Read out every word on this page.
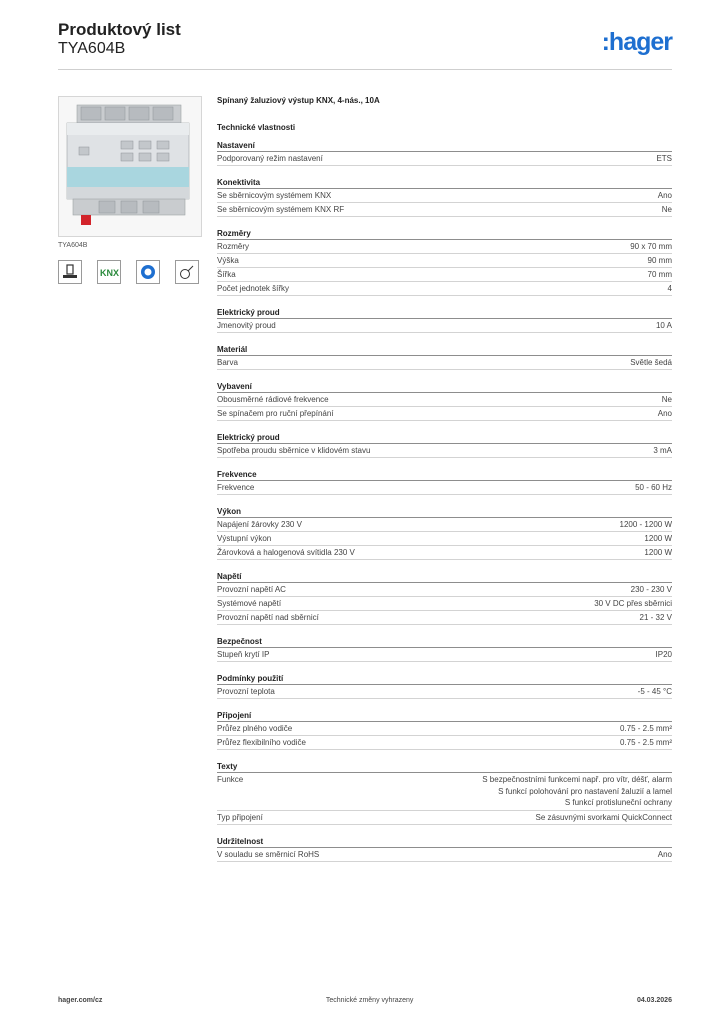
Produktový list
TYA604B	:hager
TYA604B
KNX
Spínaný žaluziový výstup KNX, 4-nás., 10A
Technické vlastnosti
Nastavení
Podporovaný režim nastavení	ETS
Konektivita
Se sběrnicovým systémem KNX	Ano
Se sběrnicovým systémem KNX RF	Ne
Rozměry
Rozměry	90 x 70 mm
Výška	90 mm
Šířka	70 mm
Počet jednotek šířky	4
Elektrický proud
Jmenovitý proud	10 A
Materiál
Barva	Světle šedá
Vybavení
Obousměrné rádiové frekvence	Ne
Se spínačem pro ruční přepínání	Ano
Elektrický proud
Spotřeba proudu sběrnice v klidovém stavu	3 mA
Frekvence
Frekvence	50 - 60 Hz
Výkon
Napájení žárovky 230 V	1200 - 1200 W
Výstupní výkon	1200 W
Žárovková a halogenová svítidla 230 V	1200 W
Napětí
Provozní napětí AC	230 - 230 V
Systémové napětí	30 V DC přes sběrnici
Provozní napětí nad sběrnicí	21 - 32 V
Bezpečnost
Stupeň krytí IP	IP20
Podmínky použití
Provozní teplota	-5 - 45 °C
Připojení
Průřez plného vodiče	0.75 - 2.5 mm²
Průřez flexibilního vodiče	0.75 - 2.5 mm²
Texty
Funkce	S bezpečnostními funkcemi např. pro vítr, déšť, alarm
S funkcí polohování pro nastavení žaluzií a lamel
S funkcí protisluneční ochrany
Typ připojení	Se zásuvnými svorkami QuickConnect
Udržitelnost
V souladu se směrnicí RoHS	Ano
hager.com/cz	Technické změny vyhrazeny	04.03.2026
